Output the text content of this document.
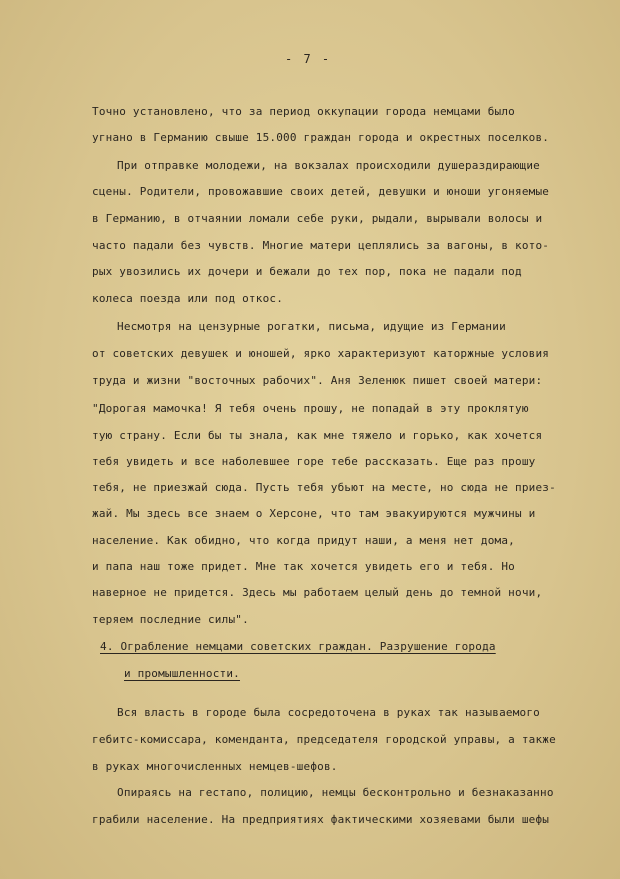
- 7 -
Точно установлено, что за период оккупации города немцами было
угнано в Германию свыше 15.000 граждан города и окрестных поселков.
При отправке молодежи, на вокзалах происходили душераздирающие
сцены. Родители, провожавшие своих детей, девушки и юноши угоняемые
в Германию, в отчаянии ломали себе руки, рыдали, вырывали волосы и
часто падали без чувств. Многие матери цеплялись за вагоны, в кото-
рых увозились их дочери и бежали до тех пор, пока не падали под
колеса поезда или под откос.
Несмотря на цензурные рогатки, письма, идущие из Германии
от советских девушек и юношей, ярко характеризуют каторжные условия
труда и жизни "восточных рабочих". Аня Зеленюк пишет своей матери:
"Дорогая мамочка! Я тебя очень прошу, не попадай в эту проклятую
тую страну. Если бы ты знала, как мне тяжело и горько, как хочется
тебя увидеть и все наболевшее горе тебе рассказать. Еще раз прошу
тебя, не приезжай сюда. Пусть тебя убьют на месте, но сюда не приез-
жай. Мы здесь все знаем о Херсоне, что там эвакуируются мужчины и
население. Как обидно, что когда придут наши, а меня нет дома,
и папа наш тоже придет. Мне так хочется увидеть его и тебя. Но
наверное не придется. Здесь мы работаем целый день до темной ночи,
теряем последние силы".
4. Ограбление немцами советских граждан. Разрушение города
и промышленности.
Вся власть в городе была сосредоточена в руках так называемого
гебитс-комиссара, коменданта, председателя городской управы, а также
в руках многочисленных немцев-шефов.
Опираясь на гестапо, полицию, немцы бесконтрольно и безнаказанно
грабили население. На предприятиях фактическими хозяевами были шефы
